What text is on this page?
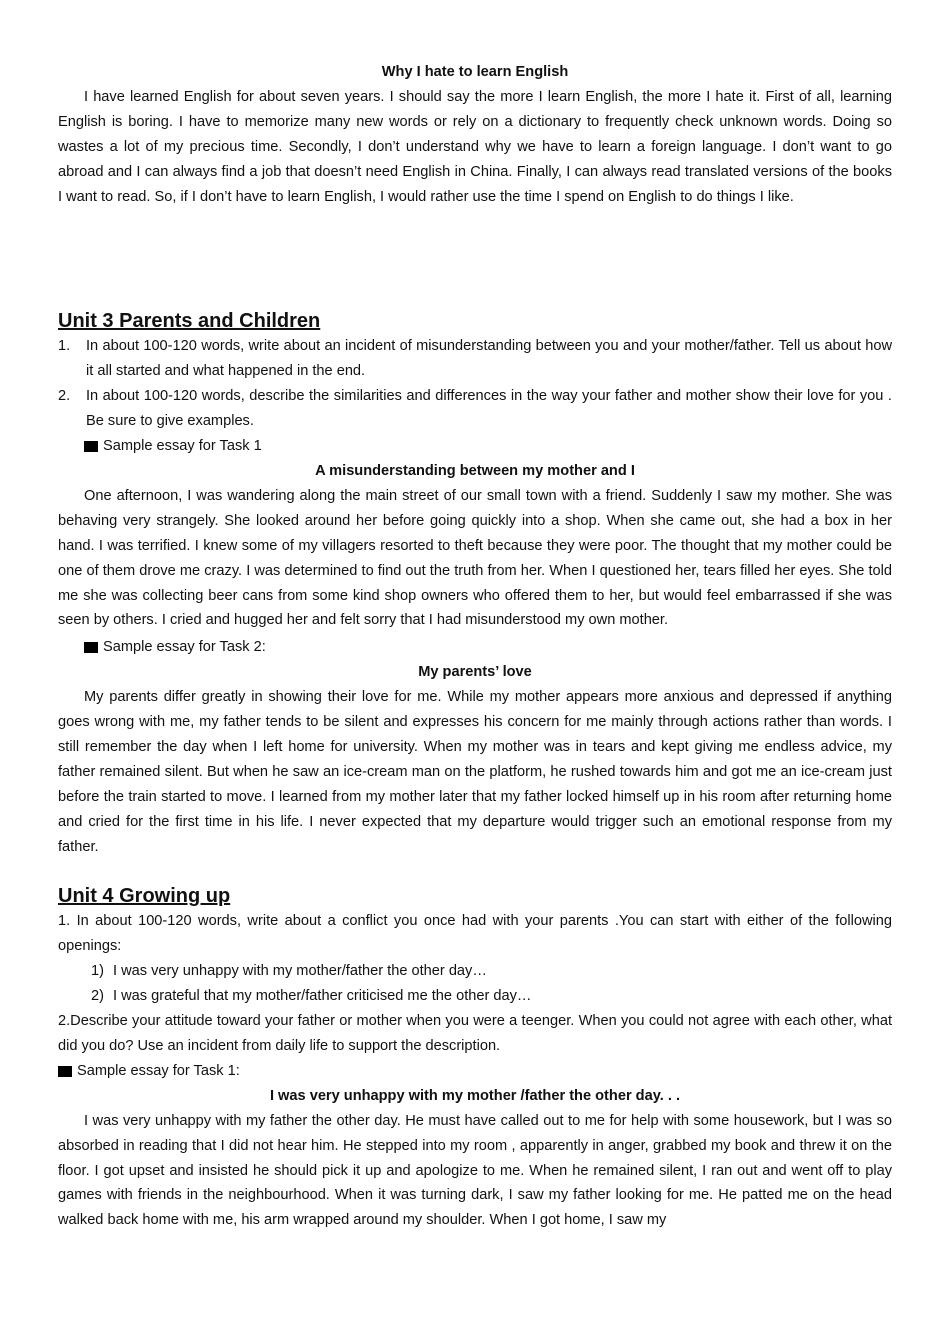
Why I hate to learn English

I have learned English for about seven years. I should say the more I learn English, the more I hate it. First of all, learning English is boring. I have to memorize many new words or rely on a dictionary to frequently check unknown words. Doing so wastes a lot of my precious time. Secondly, I don’t understand why we have to learn a foreign language. I don’t want to go abroad and I can always find a job that doesn’t need English in China. Finally, I can always read translated versions of the books I want to read. So, if I don’t have to learn English, I would rather use the time I spend on English to do things I like.

Unit 3 Parents and Children
1. In about 100-120 words, write about an incident of misunderstanding between you and your mother/father. Tell us about how it all started and what happened in the end.
2. In about 100-120 words, describe the similarities and differences in the way your father and mother show their love for you . Be sure to give examples.
Sample essay for Task 1

A misunderstanding between my mother and I

One afternoon, I was wandering along the main street of our small town with a friend. Suddenly I saw my mother. She was behaving very strangely. She looked around her before going quickly into a shop. When she came out, she had a box in her hand. I was terrified. I knew some of my villagers resorted to theft because they were poor. The thought that my mother could be one of them drove me crazy. I was determined to find out the truth from her. When I questioned her, tears filled her eyes. She told me she was collecting beer cans from some kind shop owners who offered them to her, but would feel embarrassed if she was seen by others. I cried and hugged her and felt sorry that I had misunderstood my own mother.

Sample essay for Task 2:

My parents’ love

My parents differ greatly in showing their love for me. While my mother appears more anxious and depressed if anything goes wrong with me, my father tends to be silent and expresses his concern for me mainly through actions rather than words. I still remember the day when I left home for university. When my mother was in tears and kept giving me endless advice, my father remained silent. But when he saw an ice-cream man on the platform, he rushed towards him and got me an ice-cream just before the train started to move. I learned from my mother later that my father locked himself up in his room after returning home and cried for the first time in his life. I never expected that my departure would trigger such an emotional response from my father.

Unit 4 Growing up

1. In about 100-120 words, write about a conflict you once had with your parents .You can start with either of the following openings:

1) I was very unhappy with my mother/father the other day…
2) I was grateful that my mother/father criticised me the other day…

2.Describe your attitude toward your father or mother when you were a teenger. When you could not agree with each other, what did you do? Use an incident from daily life to support the description.

Sample essay for Task 1:

I was very unhappy with my mother /father the other day. . .

I was very unhappy with my father the other day. He must have called out to me for help with some housework, but I was so absorbed in reading that I did not hear him. He stepped into my room , apparently in anger, grabbed my book and threw it on the floor. I got upset and insisted he should pick it up and apologize to me. When he remained silent, I ran out and went off to play games with friends in the neighbourhood. When it was turning dark, I saw my father looking for me. He patted me on the head walked back home with me, his arm wrapped around my shoulder. When I got home, I saw my
